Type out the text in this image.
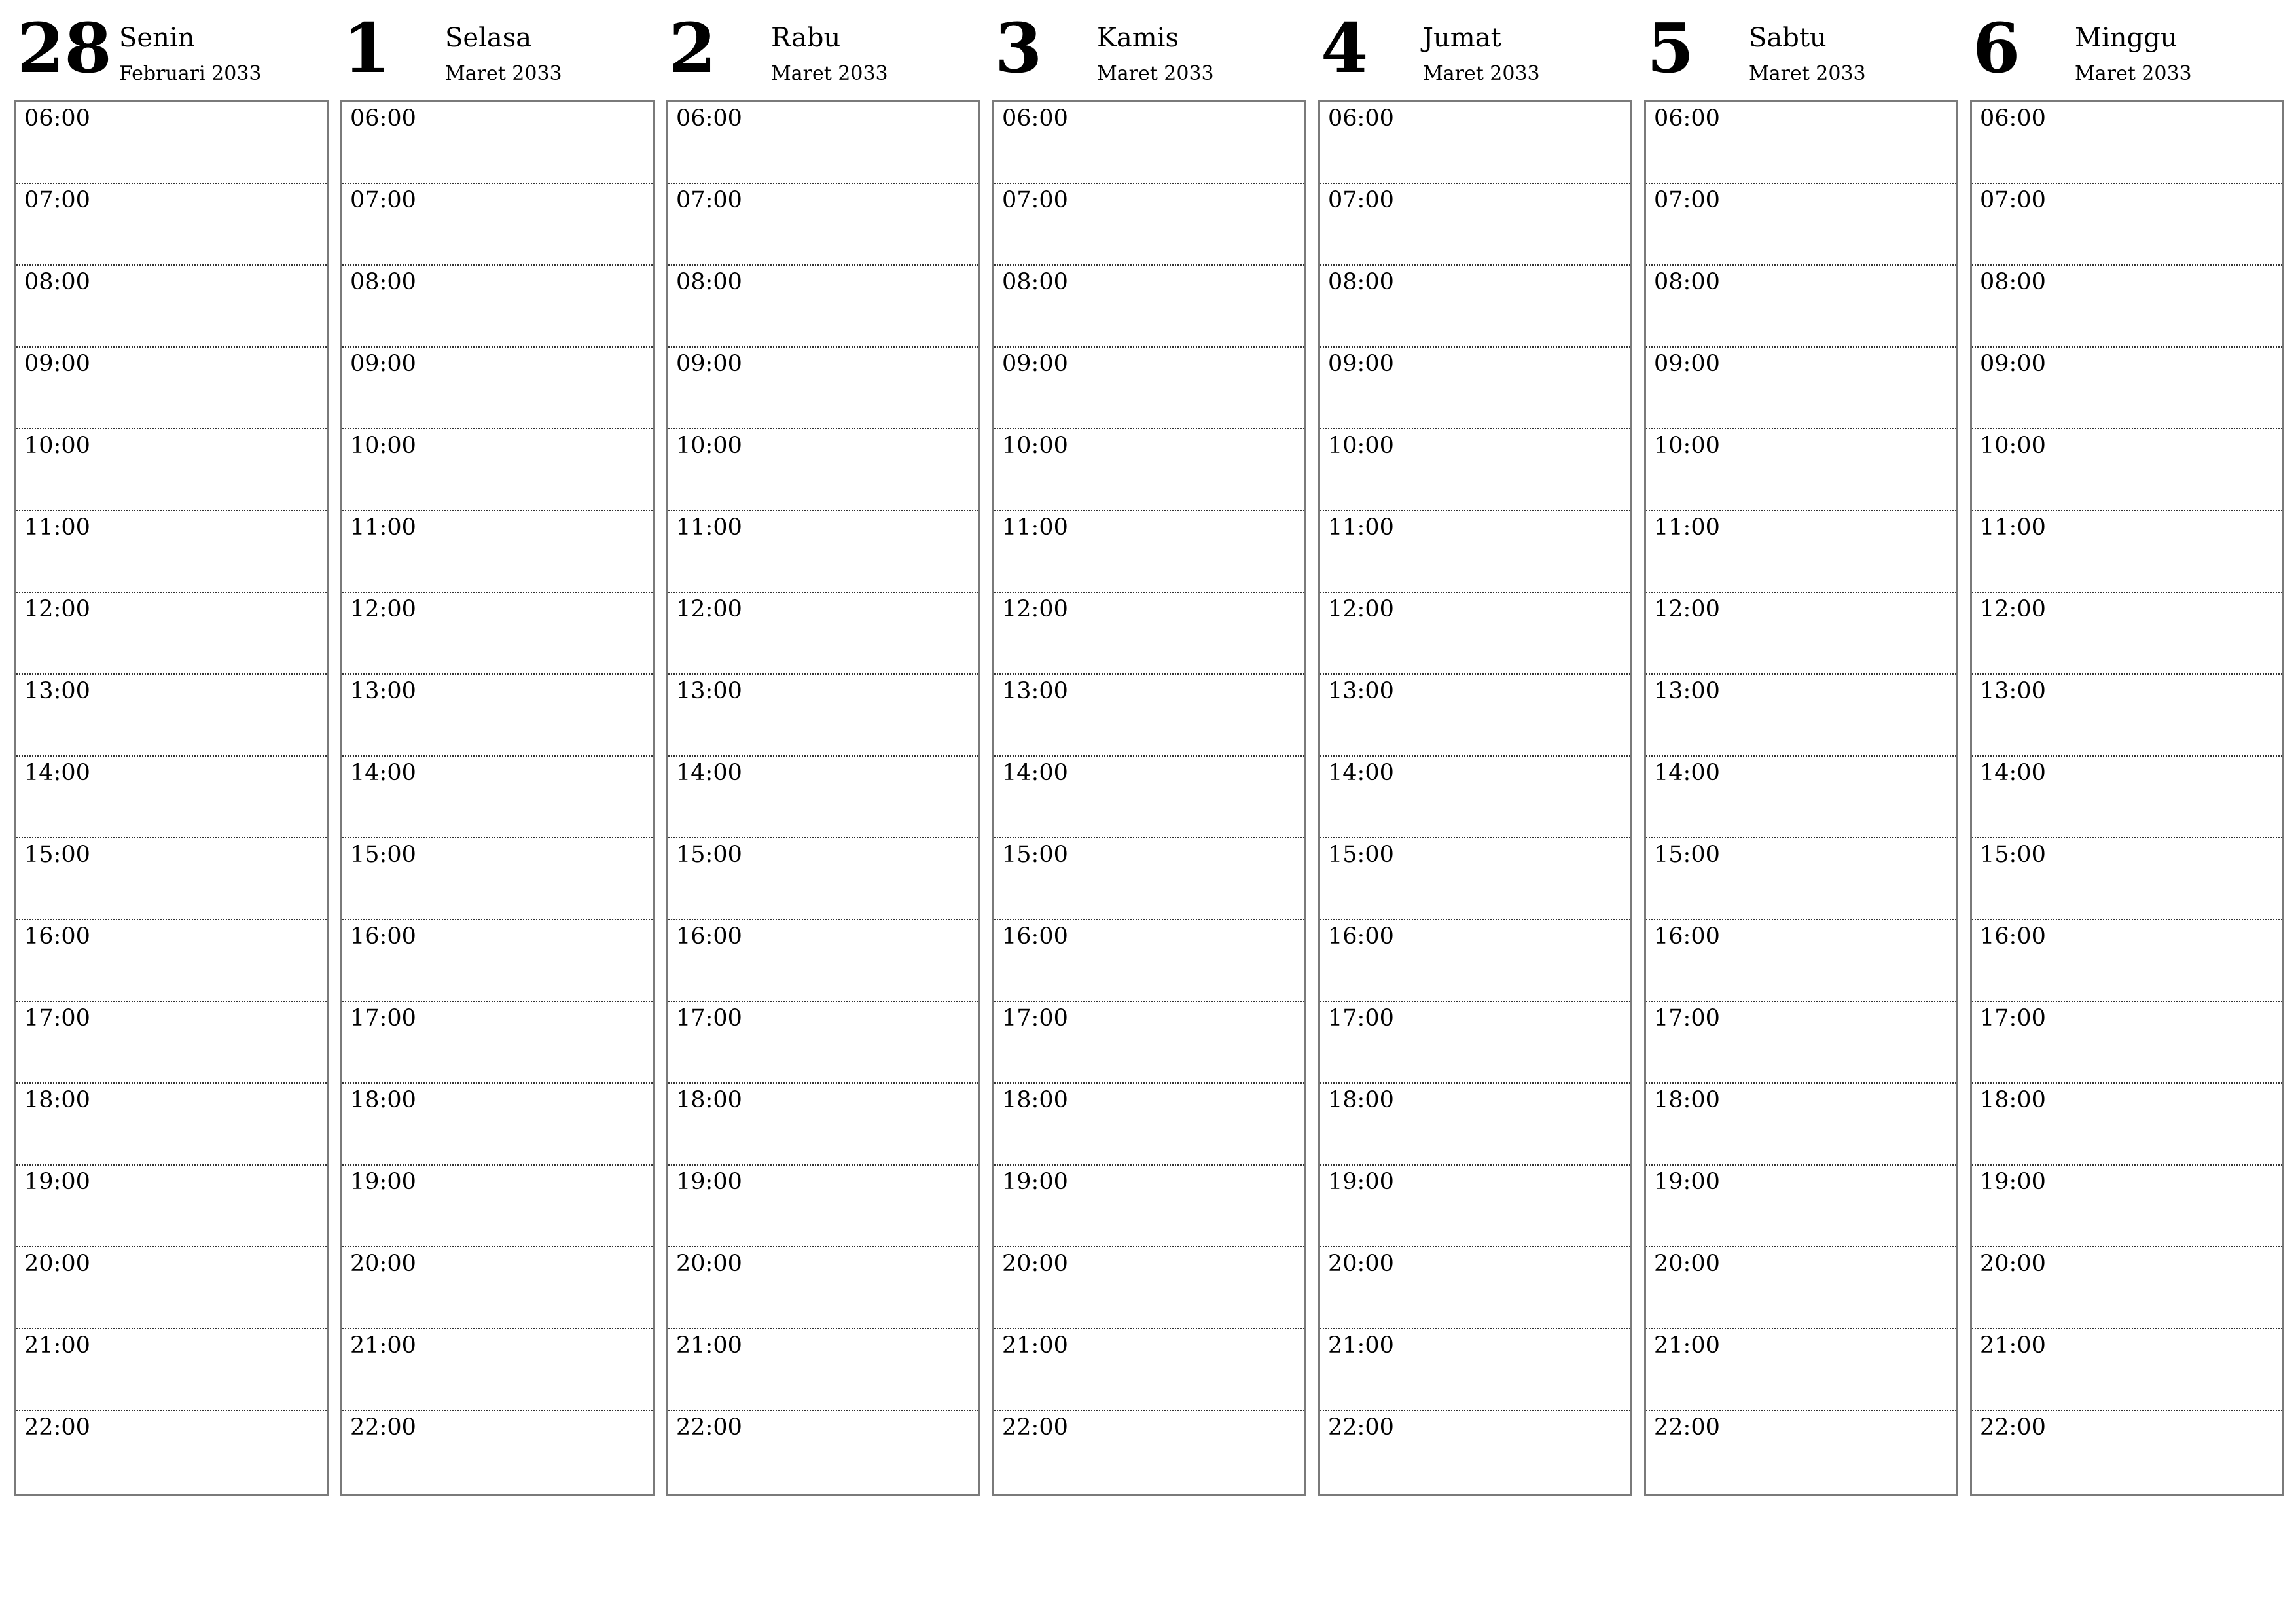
28 Senin
Februari 2033
06:00
07:00
08:00
09:00
10:00
11:00
12:00
13:00
14:00
15:00
16:00
17:00
18:00
19:00
20:00
21:00
22:00
1 Selasa
Maret 2033
06:00
07:00
08:00
09:00
10:00
11:00
12:00
13:00
14:00
15:00
16:00
17:00
18:00
19:00
20:00
21:00
22:00
2 Rabu
Maret 2033
06:00
07:00
08:00
09:00
10:00
11:00
12:00
13:00
14:00
15:00
16:00
17:00
18:00
19:00
20:00
21:00
22:00
3 Kamis
Maret 2033
06:00
07:00
08:00
09:00
10:00
11:00
12:00
13:00
14:00
15:00
16:00
17:00
18:00
19:00
20:00
21:00
22:00
4 Jumat
Maret 2033
06:00
07:00
08:00
09:00
10:00
11:00
12:00
13:00
14:00
15:00
16:00
17:00
18:00
19:00
20:00
21:00
22:00
5 Sabtu
Maret 2033
06:00
07:00
08:00
09:00
10:00
11:00
12:00
13:00
14:00
15:00
16:00
17:00
18:00
19:00
20:00
21:00
22:00
6 Minggu
Maret 2033
06:00
07:00
08:00
09:00
10:00
11:00
12:00
13:00
14:00
15:00
16:00
17:00
18:00
19:00
20:00
21:00
22:00
